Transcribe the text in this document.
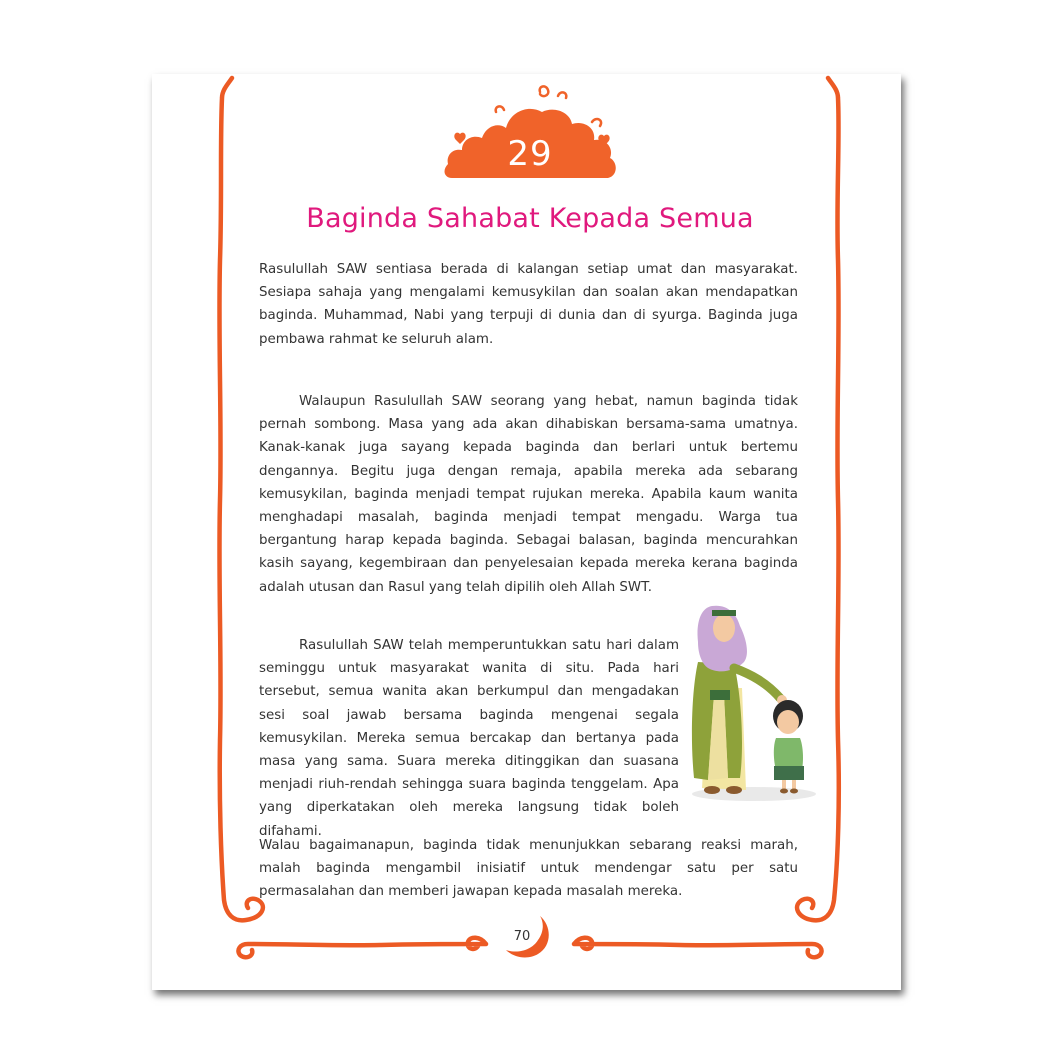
Hari
29
Baginda Sahabat Kepada Semua

Rasulullah SAW sentiasa berada di kalangan setiap umat dan masyarakat. Sesiapa sahaja yang mengalami kemusykilan dan soalan akan mendapatkan baginda. Muhammad, Nabi yang terpuji di dunia dan di syurga. Baginda juga pembawa rahmat ke seluruh alam.

Walaupun Rasulullah SAW seorang yang hebat, namun baginda tidak pernah sombong. Masa yang ada akan dihabiskan bersama-sama umatnya. Kanak-kanak juga sayang kepada baginda dan berlari untuk bertemu dengannya. Begitu juga dengan remaja, apabila mereka ada sebarang kemusykilan, baginda menjadi tempat rujukan mereka. Apabila kaum wanita menghadapi masalah, baginda menjadi tempat mengadu. Warga tua bergantung harap kepada baginda. Sebagai balasan, baginda mencurahkan kasih sayang, kegembiraan dan penyelesaian kepada mereka kerana baginda adalah utusan dan Rasul yang telah dipilih oleh Allah SWT.

Rasulullah SAW telah memperuntukkan satu hari dalam seminggu untuk masyarakat wanita di situ. Pada hari tersebut, semua wanita akan berkumpul dan mengadakan sesi soal jawab bersama baginda mengenai segala kemusykilan. Mereka semua bercakap dan bertanya pada masa yang sama. Suara mereka ditinggikan dan suasana menjadi riuh-rendah sehingga suara baginda tenggelam. Apa yang diperkatakan oleh mereka langsung tidak boleh difahami.

Walau bagaimanapun, baginda tidak menunjukkan sebarang reaksi marah, malah baginda mengambil inisiatif untuk mendengar satu per satu permasalahan dan memberi jawapan kepada masalah mereka.

70
